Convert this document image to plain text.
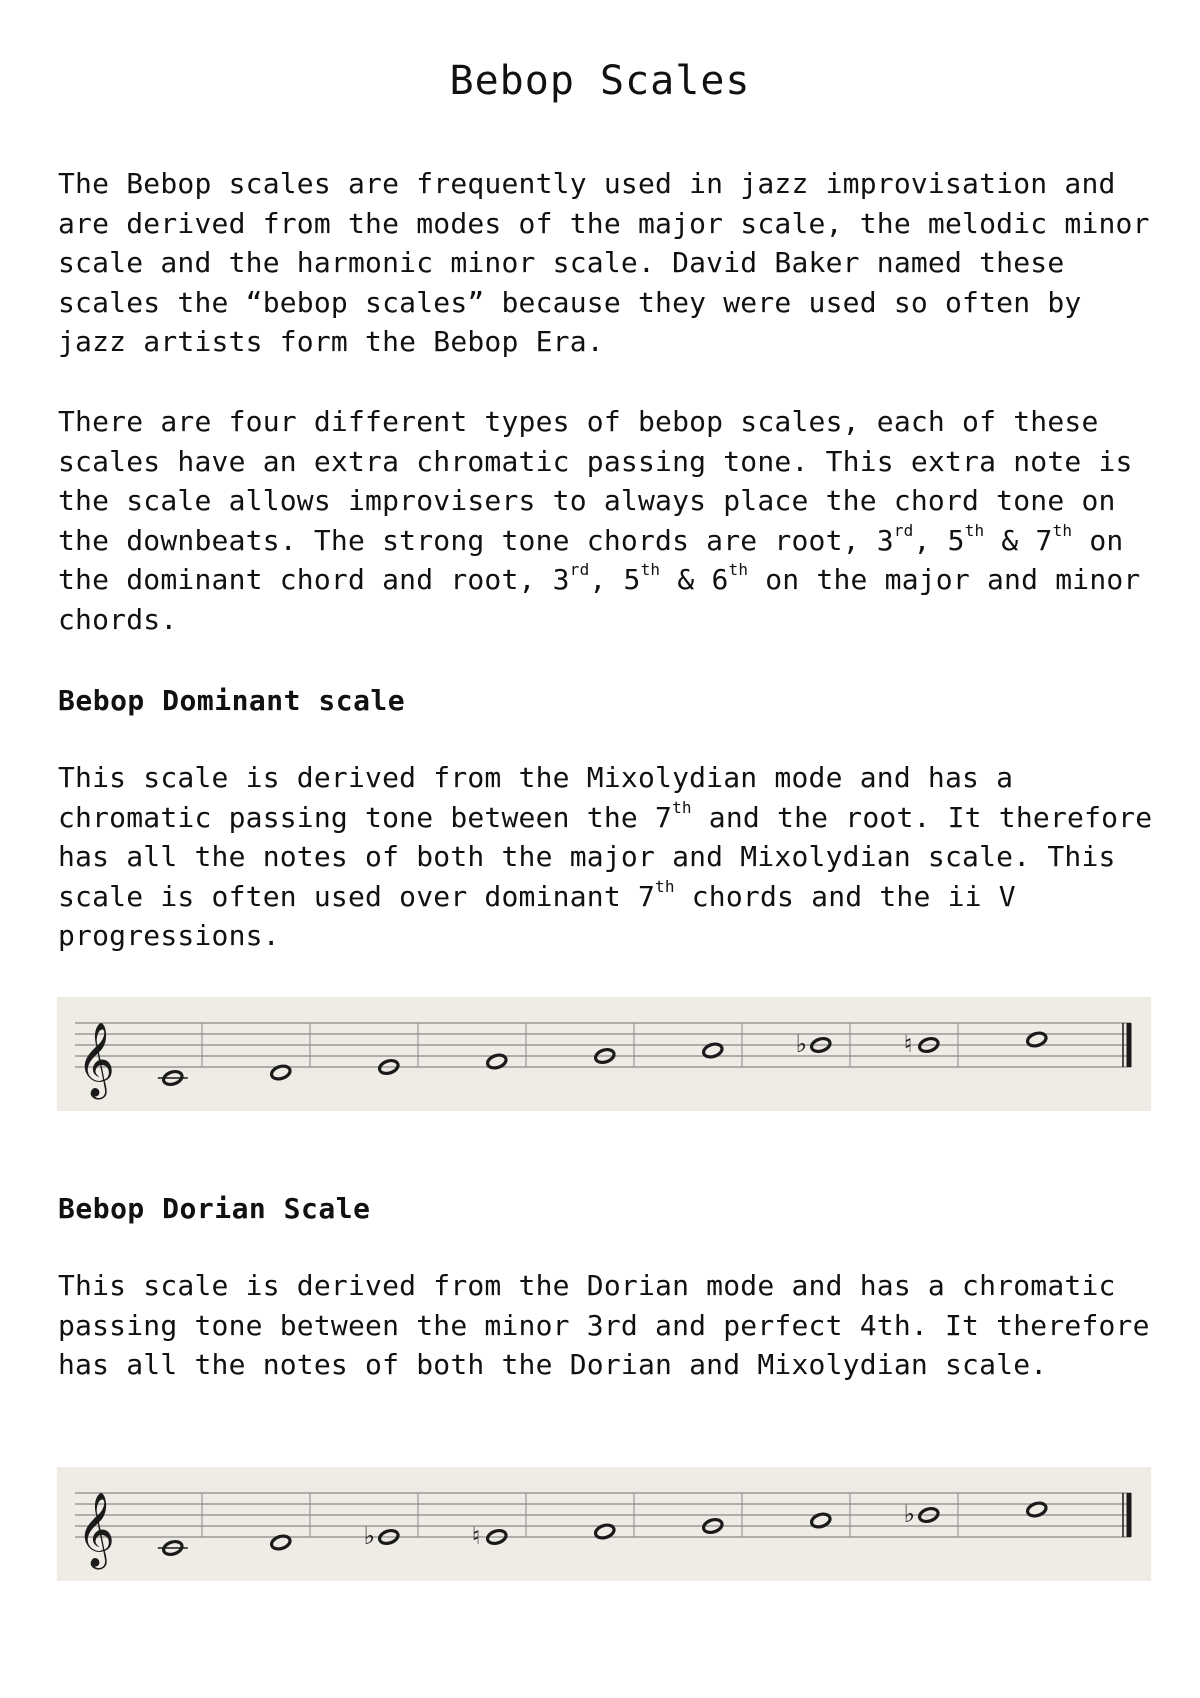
Bebop Scales

The Bebop scales are frequently used in jazz improvisation and are derived from the modes of the major scale, the melodic minor scale and the harmonic minor scale. David Baker named these scales the “bebop scales” because they were used so often by jazz artists form the Bebop Era.

There are four different types of bebop scales, each of these scales have an extra chromatic passing tone. This extra note is the scale allows improvisers to always place the chord tone on the downbeats. The strong tone chords are root, 3rd, 5th & 7th on the dominant chord and root, 3rd, 5th & 6th on the major and minor chords.

Bebop Dominant scale

This scale is derived from the Mixolydian mode and has a chromatic passing tone between the 7th and the root. It therefore has all the notes of both the major and Mixolydian scale. This scale is often used over dominant 7th chords and the ii V progressions.

𝄞	♭	♮
Bebop Dorian Scale

This scale is derived from the Dorian mode and has a chromatic passing tone between the minor 3rd and perfect 4th. It therefore has all the notes of both the Dorian and Mixolydian scale.

𝄞	♭	♮
♭
